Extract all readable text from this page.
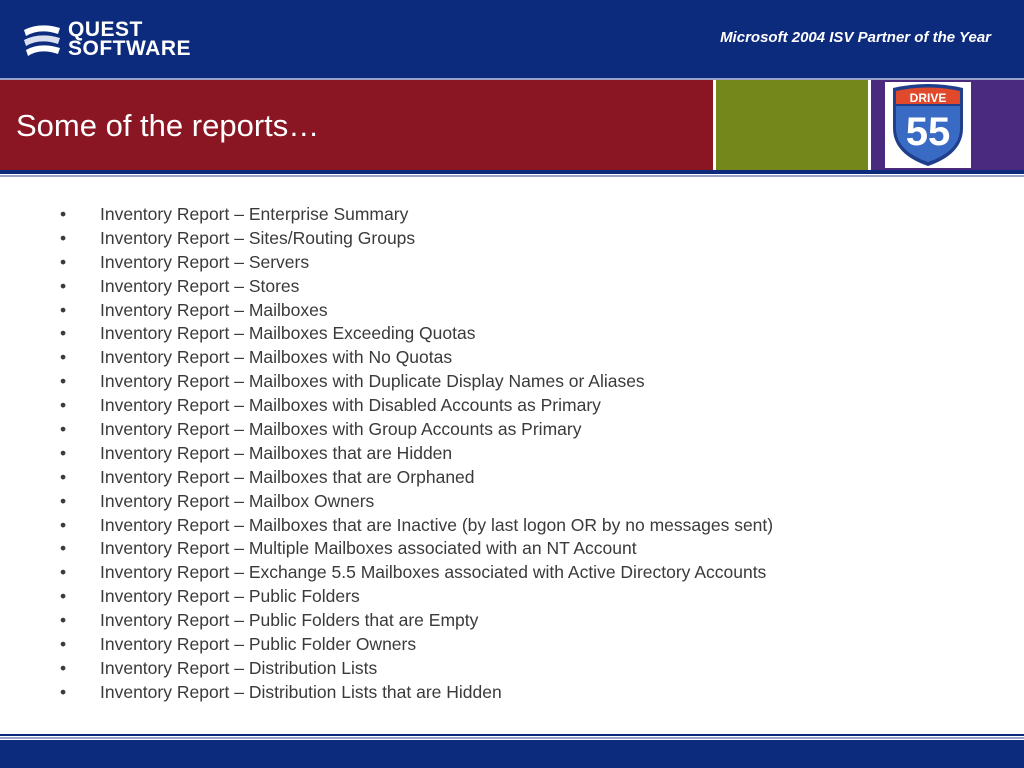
QUEST
SOFTWARE	Microsoft 2004 ISV Partner of the Year
Some of the reports…
DRIVE
55
• Inventory Report – Enterprise Summary
• Inventory Report – Sites/Routing Groups
• Inventory Report – Servers
• Inventory Report – Stores
• Inventory Report – Mailboxes
• Inventory Report – Mailboxes Exceeding Quotas
• Inventory Report – Mailboxes with No Quotas
• Inventory Report – Mailboxes with Duplicate Display Names or Aliases
• Inventory Report – Mailboxes with Disabled Accounts as Primary
• Inventory Report – Mailboxes with Group Accounts as Primary
• Inventory Report – Mailboxes that are Hidden
• Inventory Report – Mailboxes that are Orphaned
• Inventory Report – Mailbox Owners
• Inventory Report – Mailboxes that are Inactive (by last logon OR by no messages sent)
• Inventory Report – Multiple Mailboxes associated with an NT Account
• Inventory Report – Exchange 5.5 Mailboxes associated with Active Directory Accounts
• Inventory Report – Public Folders
• Inventory Report – Public Folders that are Empty
• Inventory Report – Public Folder Owners
• Inventory Report – Distribution Lists
• Inventory Report – Distribution Lists that are Hidden
